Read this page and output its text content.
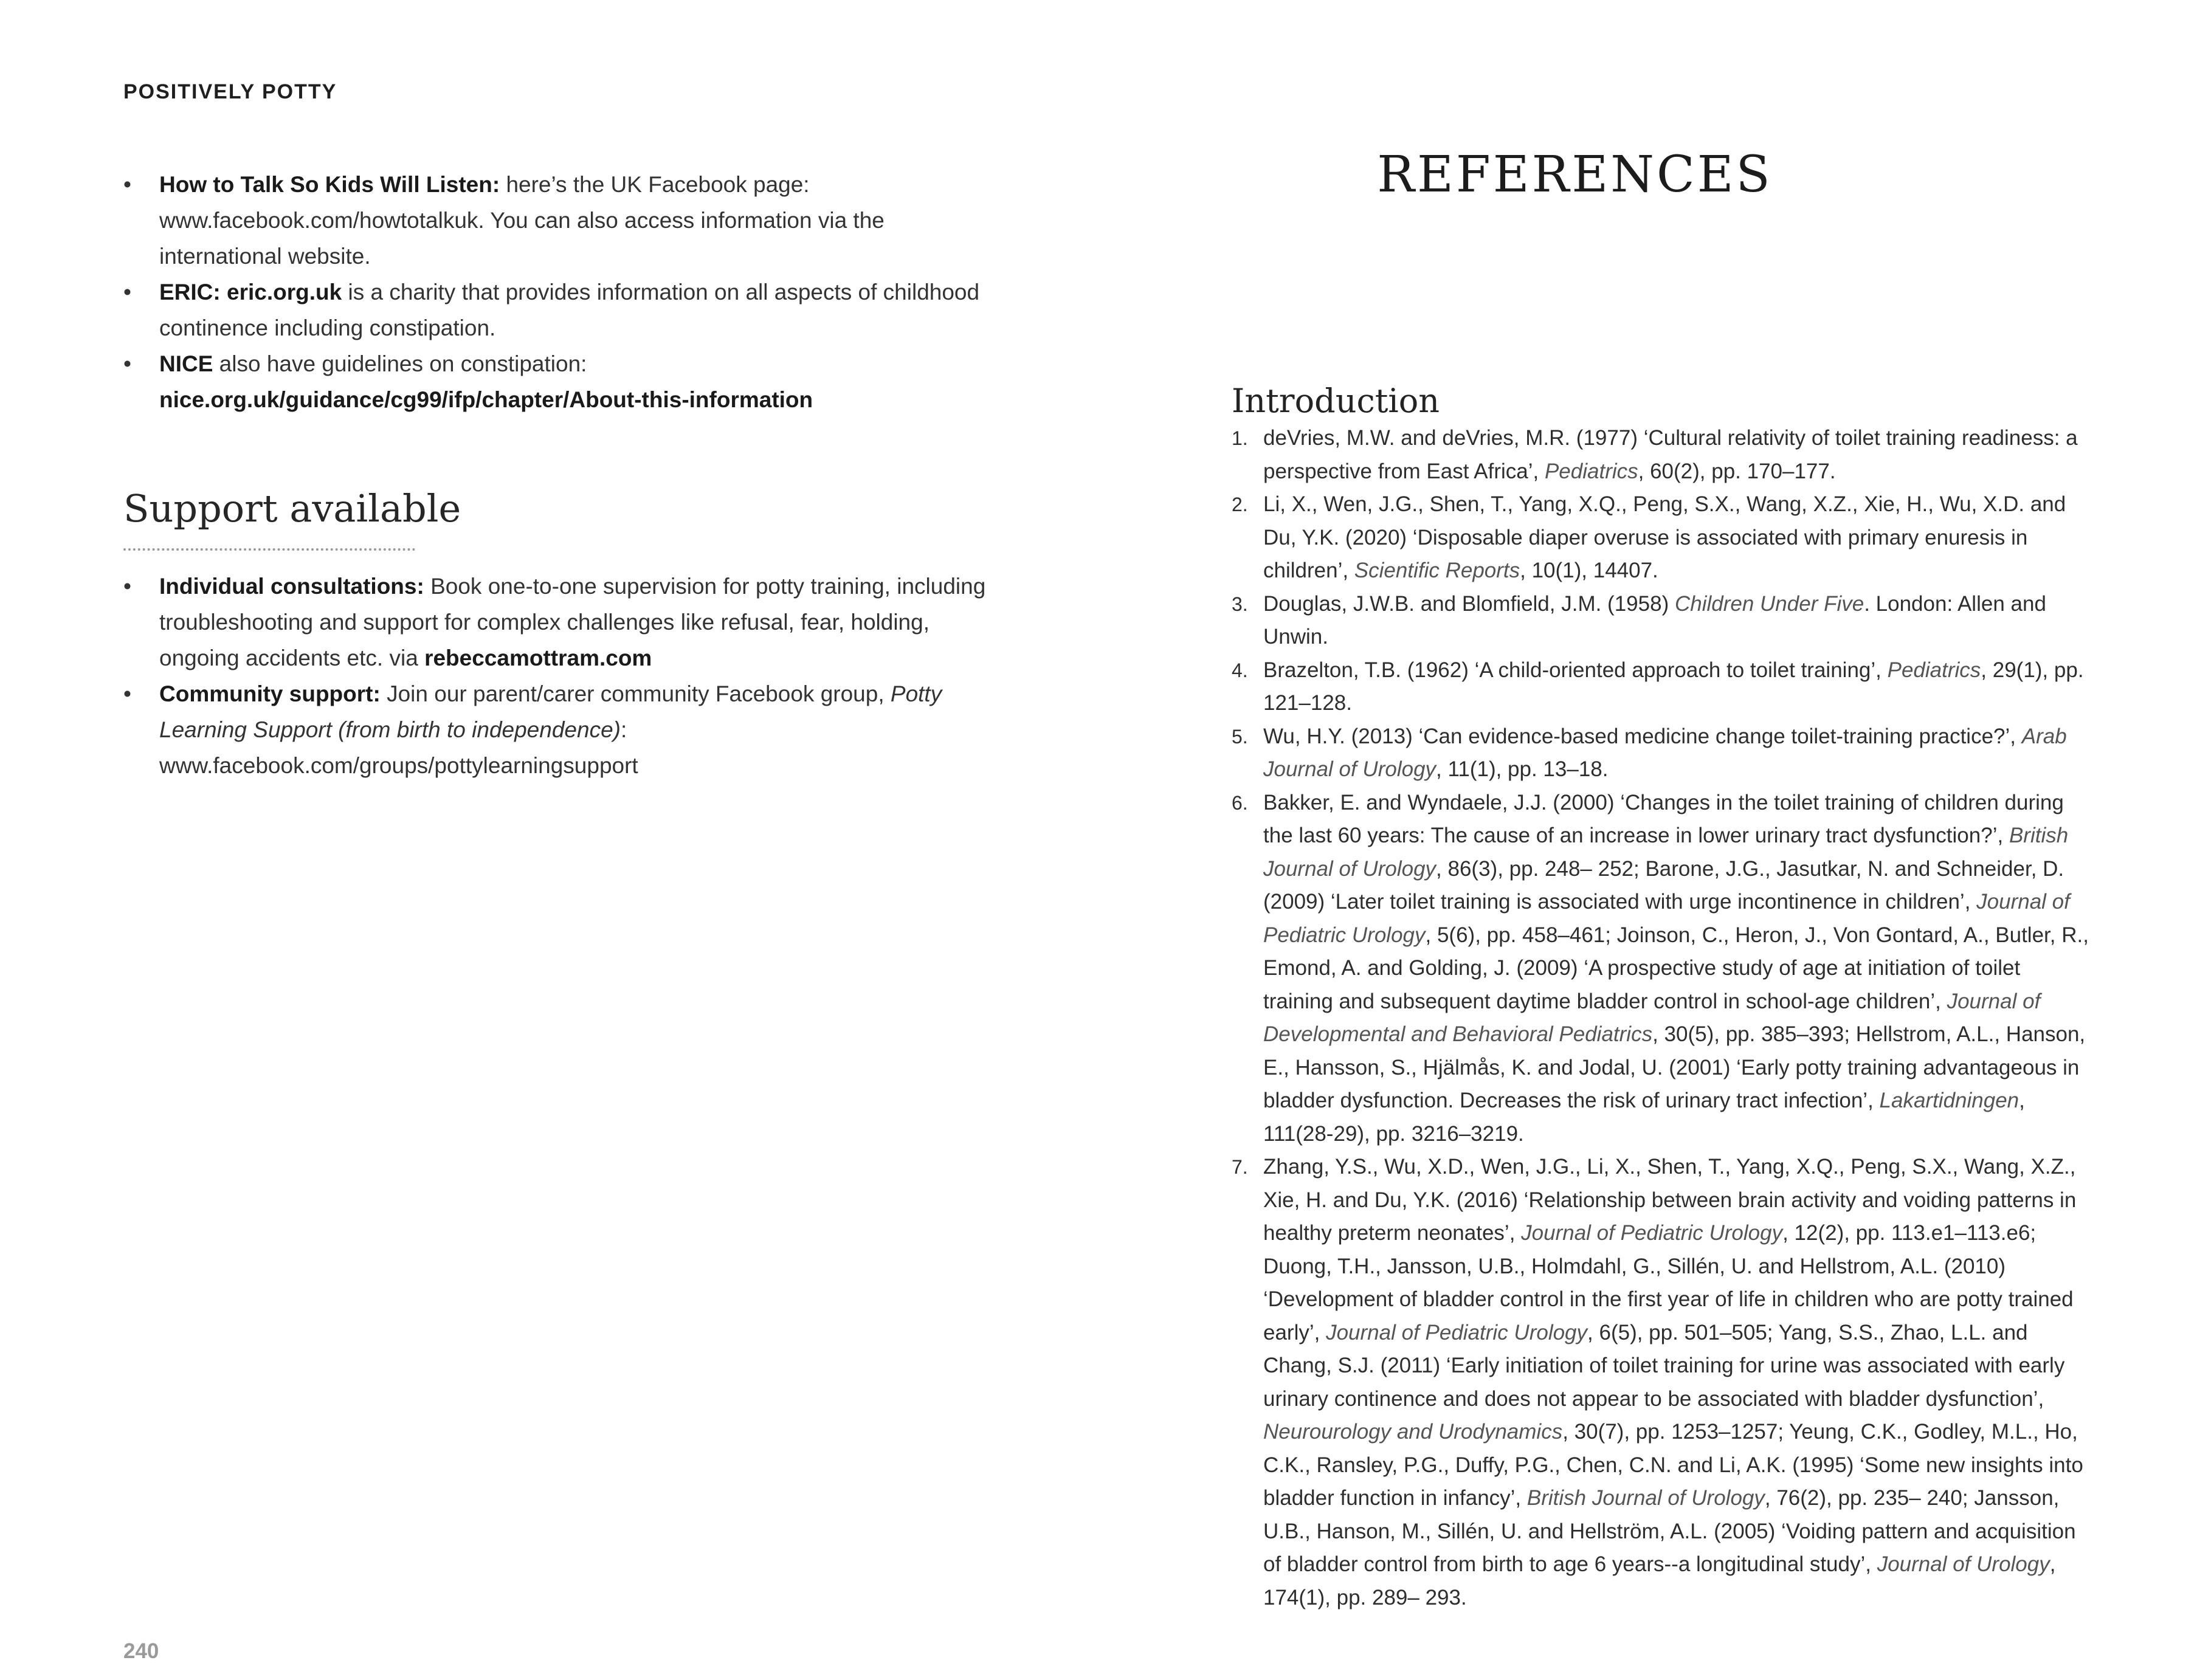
POSITIVELY POTTY
• How to Talk So Kids Will Listen: here’s the UK Facebook page: www.facebook.com/howtotalkuk. You can also access information via the international website.
• ERIC: eric.org.uk is a charity that provides information on all aspects of childhood continence including constipation.
• NICE also have guidelines on constipation:
nice.org.uk/guidance/cg99/ifp/chapter/About-this-information
Support available
• Individual consultations: Book one-to-one supervision for potty training, including troubleshooting and support for complex challenges like refusal, fear, holding, ongoing accidents etc. via rebeccamottram.com
• Community support: Join our parent/carer community Facebook group, Potty Learning Support (from birth to independence): www.facebook.com/groups/pottylearningsupport
240
REFERENCES
Introduction
1. deVries, M.W. and deVries, M.R. (1977) ‘Cultural relativity of toilet training readiness: a perspective from East Africa’, Pediatrics, 60(2), pp. 170–177.
2. Li, X., Wen, J.G., Shen, T., Yang, X.Q., Peng, S.X., Wang, X.Z., Xie, H., Wu, X.D. and Du, Y.K. (2020) ‘Disposable diaper overuse is associated with primary enuresis in children’, Scientific Reports, 10(1), 14407.
3. Douglas, J.W.B. and Blomfield, J.M. (1958) Children Under Five. London: Allen and Unwin.
4. Brazelton, T.B. (1962) ‘A child-oriented approach to toilet training’, Pediatrics, 29(1), pp. 121–128.
5. Wu, H.Y. (2013) ‘Can evidence-based medicine change toilet-training practice?’, Arab Journal of Urology, 11(1), pp. 13–18.
6. Bakker, E. and Wyndaele, J.J. (2000) ‘Changes in the toilet training of children during the last 60 years: The cause of an increase in lower urinary tract dysfunction?’, British Journal of Urology, 86(3), pp. 248– 252; Barone, J.G., Jasutkar, N. and Schneider, D. (2009) ‘Later toilet training is associated with urge incontinence in children’, Journal of Pediatric Urology, 5(6), pp. 458–461; Joinson, C., Heron, J., Von Gontard, A., Butler, R., Emond, A. and Golding, J. (2009) ‘A prospective study of age at initiation of toilet training and subsequent daytime bladder control in school-age children’, Journal of Developmental and Behavioral Pediatrics, 30(5), pp. 385–393; Hellstrom, A.L., Hanson, E., Hansson, S., Hjälmås, K. and Jodal, U. (2001) ‘Early potty training advantageous in bladder dysfunction. Decreases the risk of urinary tract infection’, Lakartidningen, 111(28-29), pp. 3216–3219.
7. Zhang, Y.S., Wu, X.D., Wen, J.G., Li, X., Shen, T., Yang, X.Q., Peng, S.X., Wang, X.Z., Xie, H. and Du, Y.K. (2016) ‘Relationship between brain activity and voiding patterns in healthy preterm neonates’, Journal of Pediatric Urology, 12(2), pp. 113.e1–113.e6; Duong, T.H., Jansson, U.B., Holmdahl, G., Sillén, U. and Hellstrom, A.L. (2010) ‘Development of bladder control in the first year of life in children who are potty trained early’, Journal of Pediatric Urology, 6(5), pp. 501–505; Yang, S.S., Zhao, L.L. and Chang, S.J. (2011) ‘Early initiation of toilet training for urine was associated with early urinary continence and does not appear to be associated with bladder dysfunction’, Neurourology and Urodynamics, 30(7), pp. 1253–1257; Yeung, C.K., Godley, M.L., Ho, C.K., Ransley, P.G., Duffy, P.G., Chen, C.N. and Li, A.K. (1995) ‘Some new insights into bladder function in infancy’, British Journal of Urology, 76(2), pp. 235– 240; Jansson, U.B., Hanson, M., Sillén, U. and Hellström, A.L. (2005) ‘Voiding pattern and acquisition of bladder control from birth to age 6 years--a longitudinal study’, Journal of Urology, 174(1), pp. 289– 293.
